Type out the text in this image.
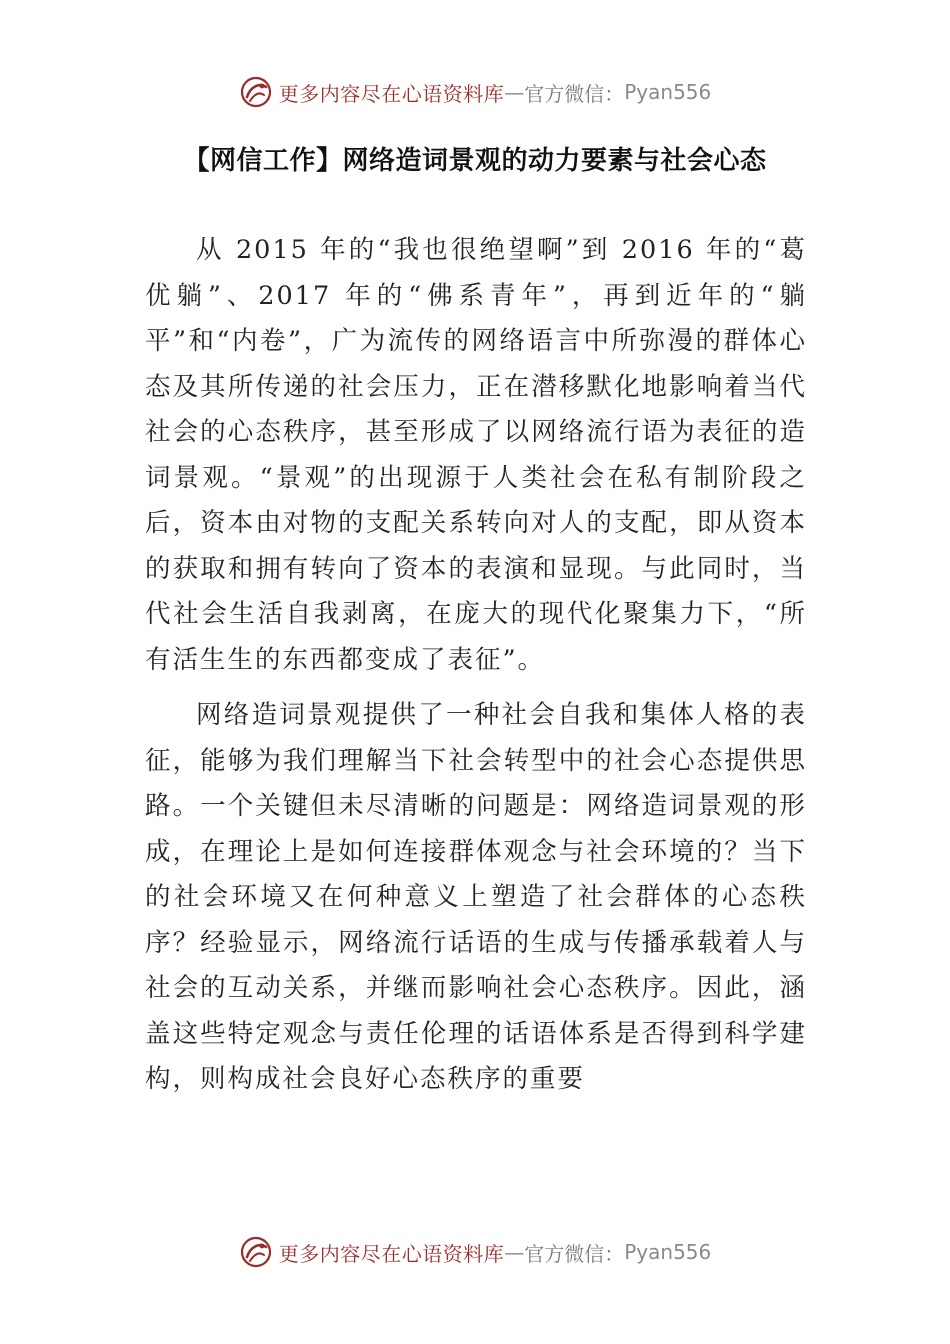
更多内容尽在心语资料库 — 官方微信： Pyan556
【网信工作】网络造词景观的动力要素与社会心态

从 2015 年的“我也很绝望啊”到 2016 年的“葛优躺”、2017 年的“佛系青年”，再到近年的“躺平”和“内卷”，广为流传的网络语言中所弥漫的群体心态及其所传递的社会压力，正在潜移默化地影响着当代社会的心态秩序，甚至形成了以网络流行语为表征的造词景观。“景观”的出现源于人类社会在私有制阶段之后，资本由对物的支配关系转向对人的支配，即从资本的获取和拥有转向了资本的表演和显现。与此同时，当代社会生活自我剥离，在庞大的现代化聚集力下，“所有活生生的东西都变成了表征”。

网络造词景观提供了一种社会自我和集体人格的表征，能够为我们理解当下社会转型中的社会心态提供思路。一个关键但未尽清晰的问题是：网络造词景观的形成，在理论上是如何连接群体观念与社会环境的？当下的社会环境又在何种意义上塑造了社会群体的心态秩序？经验显示，网络流行话语的生成与传播承载着人与社会的互动关系，并继而影响社会心态秩序。因此，涵盖这些特定观念与责任伦理的话语体系是否得到科学建构，则构成社会良好心态秩序的重要

更多内容尽在心语资料库 — 官方微信： Pyan556
